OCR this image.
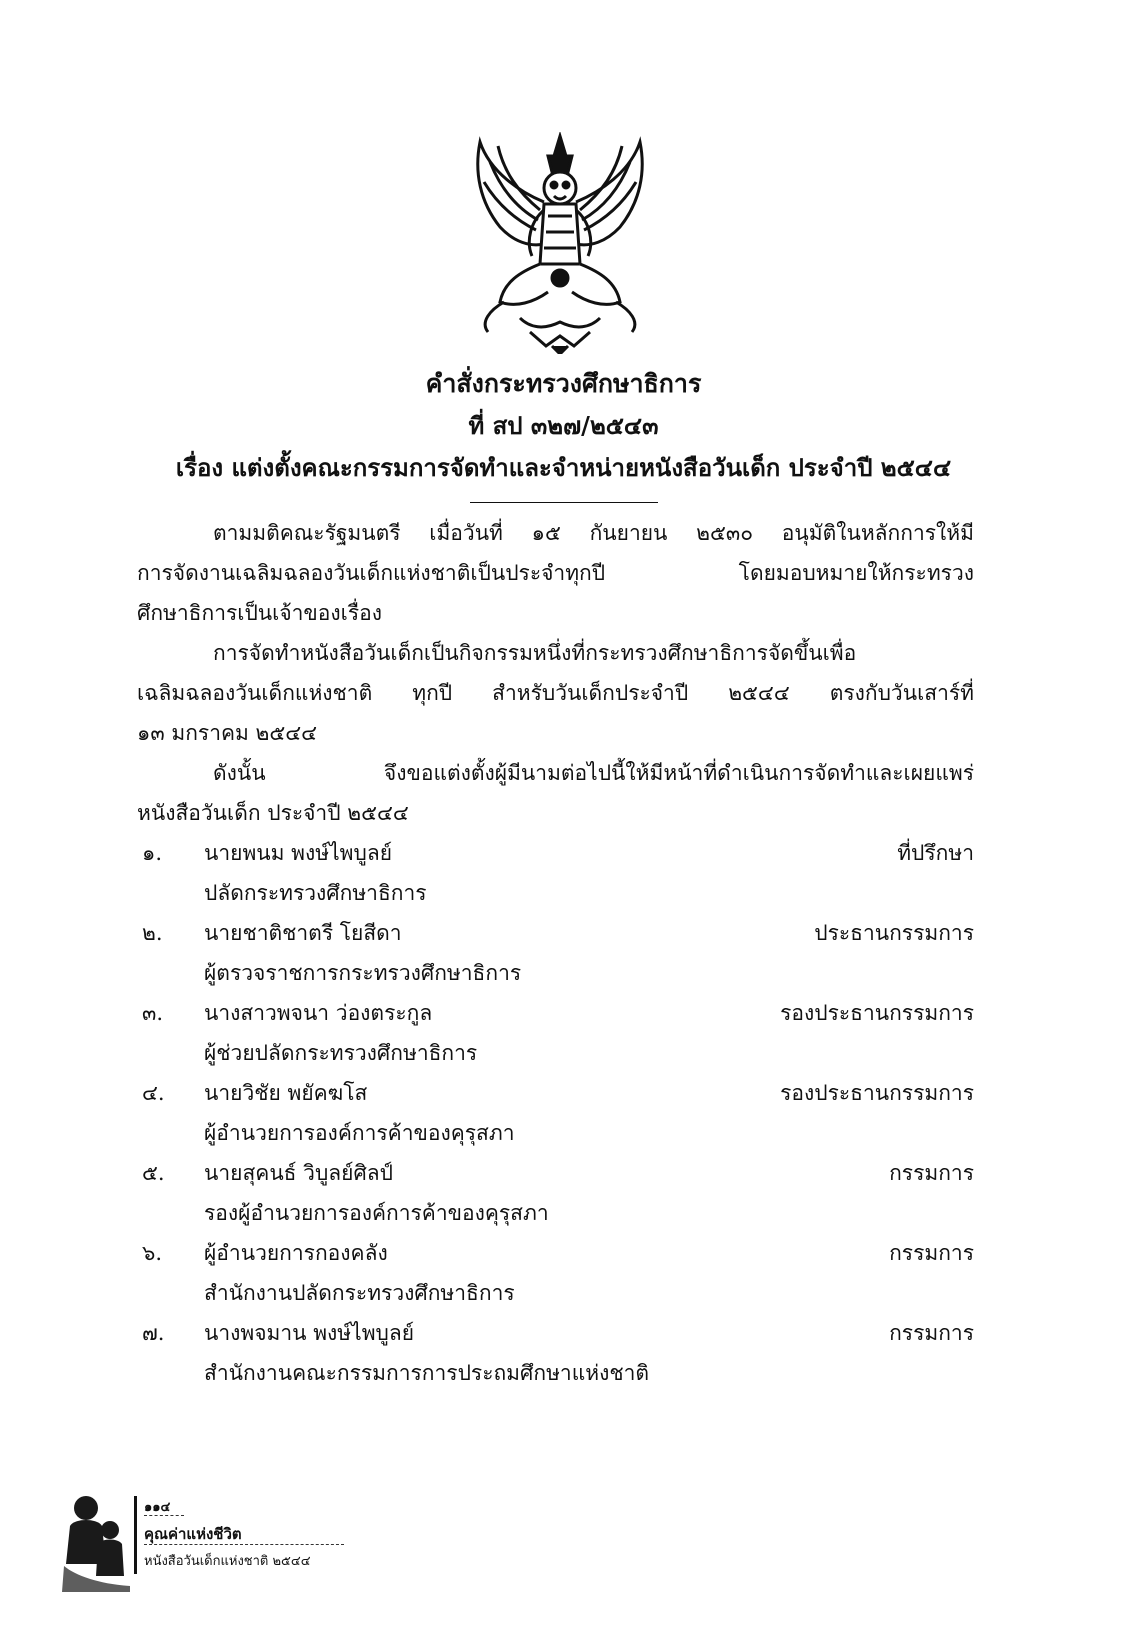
คำสั่งกระทรวงศึกษาธิการ
ที่ สป ๓๒๗/๒๕๔๓
เรื่อง แต่งตั้งคณะกรรมการจัดทำและจำหน่ายหนังสือวันเด็ก ประจำปี ๒๕๔๔
ตามมติคณะรัฐมนตรี เมื่อวันที่ ๑๕ กันยายน ๒๕๓๐ อนุมัติในหลักการให้มี
การจัดงานเฉลิมฉลองวันเด็กแห่งชาติเป็นประจำทุกปี โดยมอบหมายให้กระทรวง
ศึกษาธิการเป็นเจ้าของเรื่อง
การจัดทำหนังสือวันเด็กเป็นกิจกรรมหนึ่งที่กระทรวงศึกษาธิการจัดขึ้นเพื่อ
เฉลิมฉลองวันเด็กแห่งชาติ ทุกปี สำหรับวันเด็กประจำปี ๒๕๔๔ ตรงกับวันเสาร์ที่
๑๓ มกราคม ๒๕๔๔
ดังนั้น จึงขอแต่งตั้งผู้มีนามต่อไปนี้ให้มีหน้าที่ดำเนินการจัดทำและเผยแพร่
หนังสือวันเด็ก ประจำปี ๒๕๔๔
๑.	นายพนม พงษ์ไพบูลย์	ที่ปรึกษา
ปลัดกระทรวงศึกษาธิการ
๒.	นายชาติชาตรี โยสีดา	ประธานกรรมการ
ผู้ตรวจราชการกระทรวงศึกษาธิการ
๓.	นางสาวพจนา ว่องตระกูล	รองประธานกรรมการ
ผู้ช่วยปลัดกระทรวงศึกษาธิการ
๔.	นายวิชัย พยัคฆโส	รองประธานกรรมการ
ผู้อำนวยการองค์การค้าของคุรุสภา
๕.	นายสุคนธ์ วิบูลย์ศิลป์	กรรมการ
รองผู้อำนวยการองค์การค้าของคุรุสภา
๖.	ผู้อำนวยการกองคลัง	กรรมการ
สำนักงานปลัดกระทรวงศึกษาธิการ
๗.	นางพจมาน พงษ์ไพบูลย์	กรรมการ
สำนักงานคณะกรรมการการประถมศึกษาแห่งชาติ
๑๑๔
คุณค่าแห่งชีวิต
หนังสือวันเด็กแห่งชาติ ๒๕๔๔
